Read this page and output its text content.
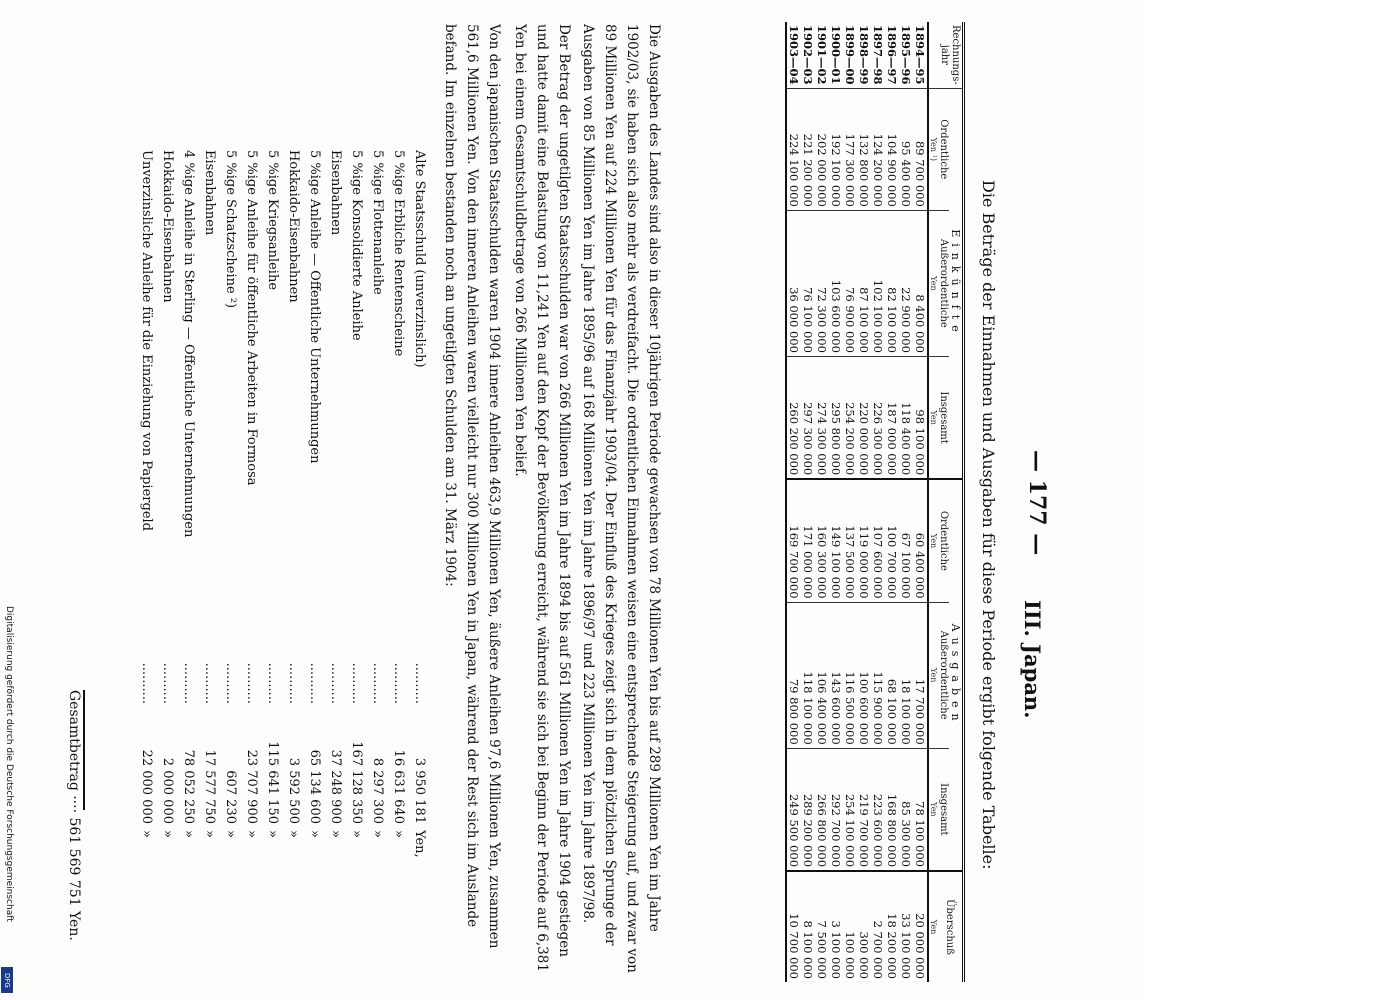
— 177 —
III. Japan.
Die Beträge der Einnahmen und Ausgaben für diese Periode ergibt folgende Tabelle:
Rechnungs-jahr	Einkünfte			Ausgaben			Überschuß
	Ordentliche	Außerordentliche	Insgesamt	Ordentliche	Außerordentliche	Insgesamt	
	Yen ¹)	Yen	Yen	Yen	Yen	Yen	Yen
1894—95	89 700 000	8 400 000	98 100 000	60 400 000	17 700 000	78 100 000	20 000 000
1895—96	95 400 000	22 900 000	118 400 000	67 100 000	18 100 000	85 300 000	33 100 000
1896—97	104 900 000	82 100 000	187 000 000	100 700 000	68 100 000	168 800 000	18 200 000
1897—98	124 200 000	102 100 000	226 300 000	107 600 000	115 900 000	223 600 000	2 700 000
1898—99	132 800 000	87 100 000	220 000 000	119 000 000	100 600 000	219 700 000	300 000
1899—00	177 300 000	76 900 000	254 200 000	137 500 000	116 500 000	254 100 000	100 000
1900—01	192 100 000	103 600 000	295 800 000	149 100 000	143 600 000	292 700 000	3 100 000
1901—02	202 000 000	72 300 000	274 300 000	160 300 000	106 400 000	266 800 000	7 500 000
1902—03	221 200 000	76 100 000	297 300 000	171 000 000	118 100 000	289 200 000	8 100 000
1903—04	224 100 000	36 000 000	260 200 000	169 700 000	79 800 000	249 500 000	10 700 000
Die Ausgaben des Landes sind also in dieser 10jährigen Periode gewachsen von 78 Millionen Yen bis auf 289 Millionen Yen im Jahre 1902/03, sie haben sich also mehr als verdreifacht. Die ordentlichen Einnahmen weisen eine entsprechende Steigerung auf, und zwar von 89 Millionen Yen auf 224 Millionen Yen für das Finanzjahr 1903/04. Der Einfluß des Krieges zeigt sich in dem plötzlichen Sprunge der Ausgaben von 85 Millionen Yen im Jahre 1895/96 auf 168 Millionen Yen im Jahre 1896/97 und 223 Millionen Yen im Jahre 1897/98.
Der Betrag der ungetilgten Staatsschulden war von 266 Millionen Yen im Jahre 1894 bis auf 561 Millionen Yen im Jahre 1904 gestiegen und hatte damit eine Belastung von 11,241 Yen auf den Kopf der Bevölkerung erreicht, während sie sich bei Beginn der Periode auf 6,381 Yen bei einem Gesamtschuldbetrage von 266 Millionen Yen belief.
Von den japanischen Staatsschulden waren 1904 innere Anleihen 463,9 Millionen Yen, äußere Anleihen 97,6 Millionen Yen, zusammen 561,6 Millionen Yen. Von den inneren Anleihen waren vielleicht nur 300 Millionen Yen in Japan, während der Rest sich im Auslande befand. Im einzelnen bestanden noch an ungetilgten Schulden am 31. März 1904:
Alte Staatsschuld (unverzinslich)
..........
3 950 181
Yen,
5 %ige Erbliche Rentenscheine
..........
16 631 640
»
5 %ige Flottenanleihe
..........
8 297 300
»
5 %ige Konsolidierte Anleihe
..........
167 128 350
»
Eisenbahnen
..........
37 248 900
»
5 %ige Anleihe — Öffentliche Unternehmungen
..........
65 134 600
»
Hokkaido-Eisenbahnen
..........
3 592 500
»
5 %ige Kriegsanleihe
..........
115 641 150
»
5 %ige Anleihe für öffentliche Arbeiten in Formosa
..........
23 707 900
»
5 %ige Schatzscheine ²)
..........
607 230
»
Eisenbahnen
..........
17 577 750
»
4 %ige Anleihe in Sterling — Öffentliche Unternehmungen
..........
78 052 250
»
Hokkaido-Eisenbahnen
..........
2 000 000
»
Unverzinsliche Anleihe für die Einziehung von Papiergeld
..........
22 000 000
»
Gesamtbetrag ···· 561 569 751 Yen.
Digitalisierung gefördert durch die Deutsche Forschungsgemeinschaft
DFG
